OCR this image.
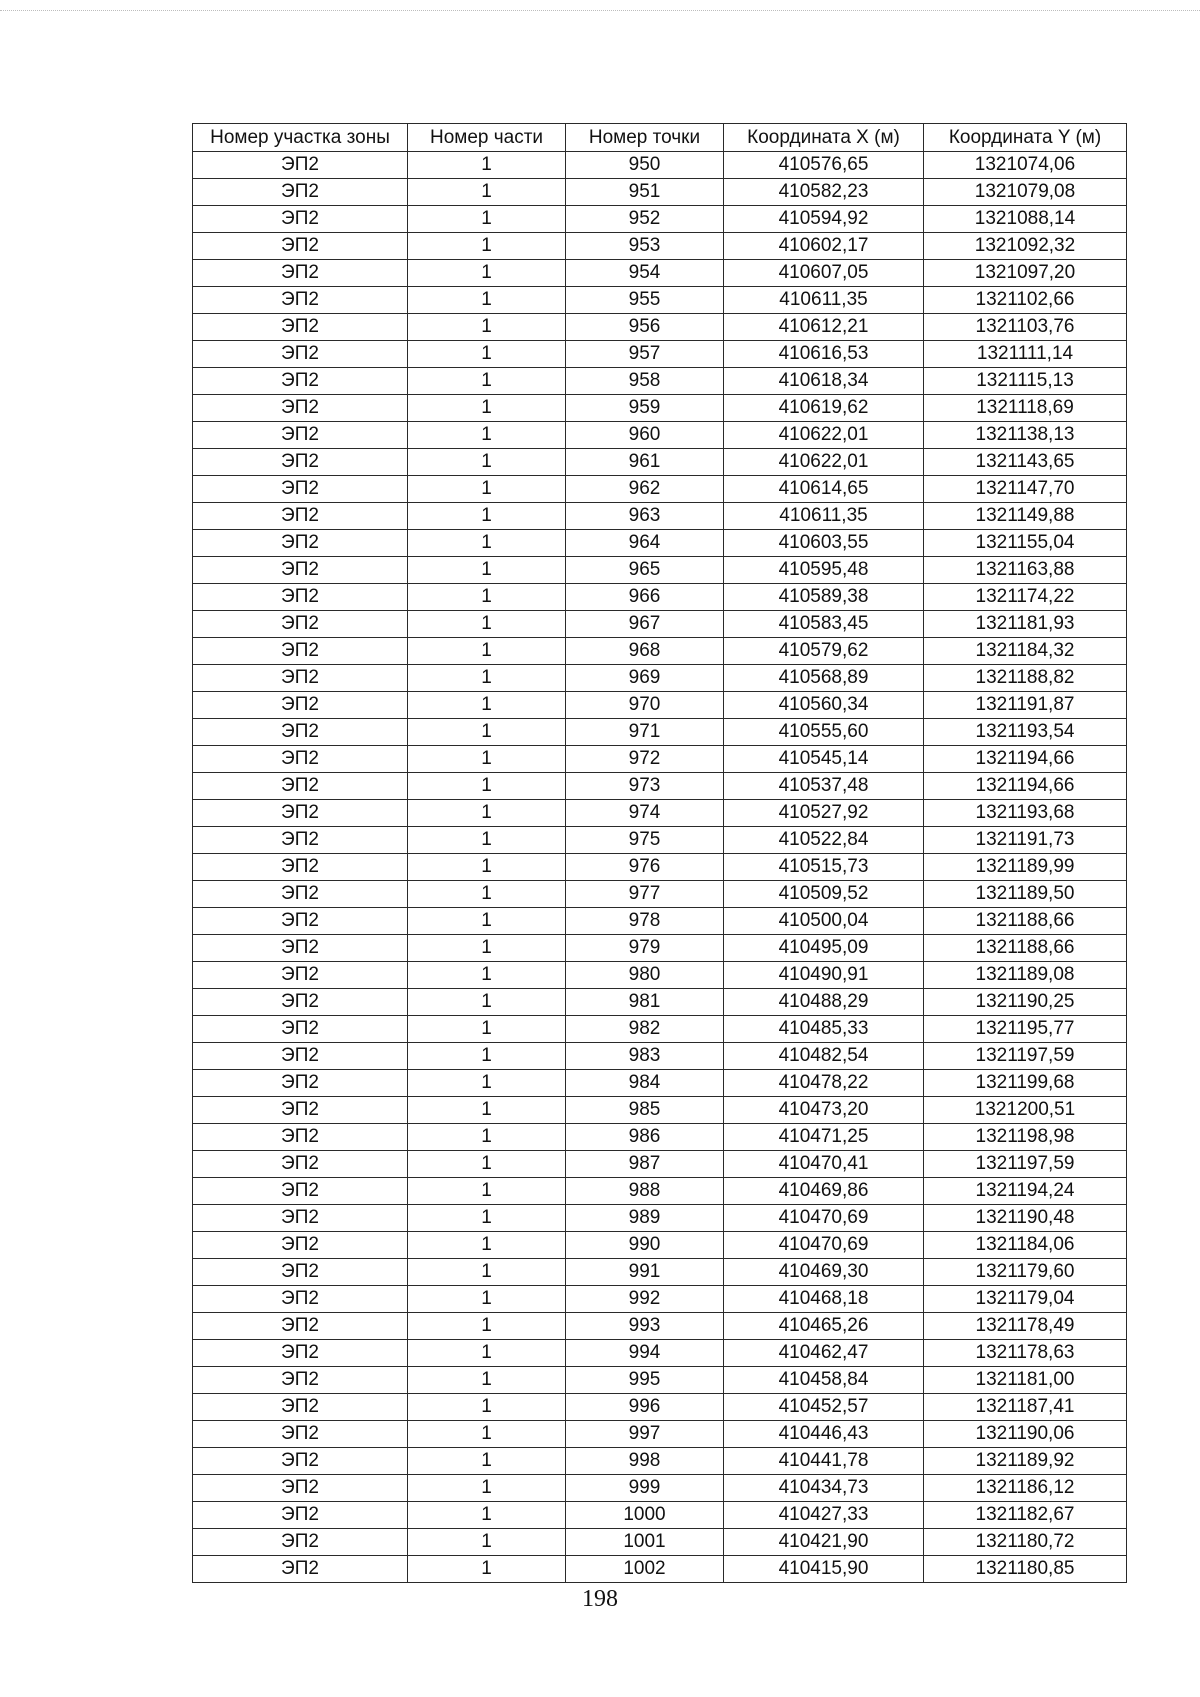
Номер участка зоны	Номер части	Номер точки	Координата X (м)	Координата Y (м)
ЭП2	1	950	410576,65	1321074,06
ЭП2	1	951	410582,23	1321079,08
ЭП2	1	952	410594,92	1321088,14
ЭП2	1	953	410602,17	1321092,32
ЭП2	1	954	410607,05	1321097,20
ЭП2	1	955	410611,35	1321102,66
ЭП2	1	956	410612,21	1321103,76
ЭП2	1	957	410616,53	1321111,14
ЭП2	1	958	410618,34	1321115,13
ЭП2	1	959	410619,62	1321118,69
ЭП2	1	960	410622,01	1321138,13
ЭП2	1	961	410622,01	1321143,65
ЭП2	1	962	410614,65	1321147,70
ЭП2	1	963	410611,35	1321149,88
ЭП2	1	964	410603,55	1321155,04
ЭП2	1	965	410595,48	1321163,88
ЭП2	1	966	410589,38	1321174,22
ЭП2	1	967	410583,45	1321181,93
ЭП2	1	968	410579,62	1321184,32
ЭП2	1	969	410568,89	1321188,82
ЭП2	1	970	410560,34	1321191,87
ЭП2	1	971	410555,60	1321193,54
ЭП2	1	972	410545,14	1321194,66
ЭП2	1	973	410537,48	1321194,66
ЭП2	1	974	410527,92	1321193,68
ЭП2	1	975	410522,84	1321191,73
ЭП2	1	976	410515,73	1321189,99
ЭП2	1	977	410509,52	1321189,50
ЭП2	1	978	410500,04	1321188,66
ЭП2	1	979	410495,09	1321188,66
ЭП2	1	980	410490,91	1321189,08
ЭП2	1	981	410488,29	1321190,25
ЭП2	1	982	410485,33	1321195,77
ЭП2	1	983	410482,54	1321197,59
ЭП2	1	984	410478,22	1321199,68
ЭП2	1	985	410473,20	1321200,51
ЭП2	1	986	410471,25	1321198,98
ЭП2	1	987	410470,41	1321197,59
ЭП2	1	988	410469,86	1321194,24
ЭП2	1	989	410470,69	1321190,48
ЭП2	1	990	410470,69	1321184,06
ЭП2	1	991	410469,30	1321179,60
ЭП2	1	992	410468,18	1321179,04
ЭП2	1	993	410465,26	1321178,49
ЭП2	1	994	410462,47	1321178,63
ЭП2	1	995	410458,84	1321181,00
ЭП2	1	996	410452,57	1321187,41
ЭП2	1	997	410446,43	1321190,06
ЭП2	1	998	410441,78	1321189,92
ЭП2	1	999	410434,73	1321186,12
ЭП2	1	1000	410427,33	1321182,67
ЭП2	1	1001	410421,90	1321180,72
ЭП2	1	1002	410415,90	1321180,85
198
